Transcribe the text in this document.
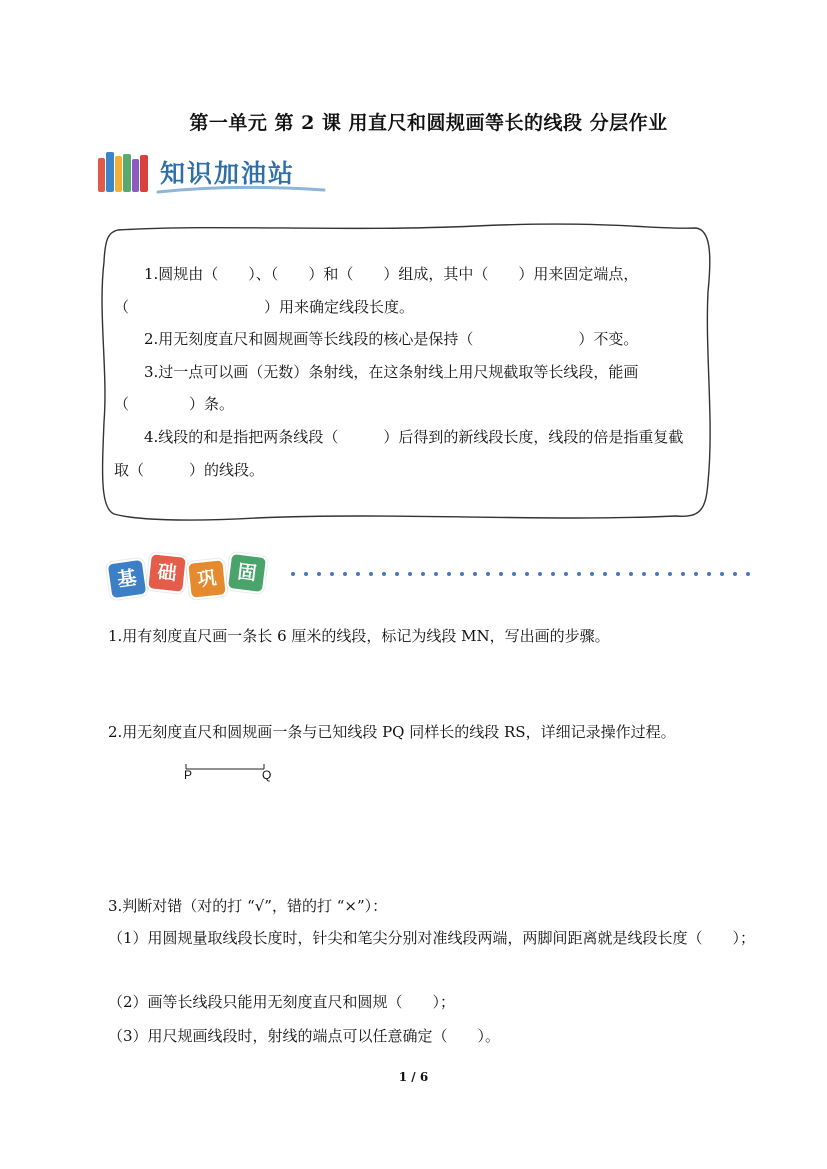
第一单元 第 2 课 用直尺和圆规画等长的线段 分层作业
知识加油站

1.圆规由（　　）、（　　）和（　　）组成，其中（　　）用来固定端点，（　　　　　　　　　）用来确定线段长度。

2.用无刻度直尺和圆规画等长线段的核心是保持（　　　　　　　）不变。

3.过一点可以画（无数）条射线，在这条射线上用尺规截取等长线段，能画（　　　　）条。

4.线段的和是指把两条线段（　　　）后得到的新线段长度，线段的倍是指重复截取（　　　）的线段。

基 础 巩 固
1.用有刻度直尺画一条长 6 厘米的线段，标记为线段 MN，写出画的步骤。
2.用无刻度直尺和圆规画一条与已知线段 PQ 同样长的线段 RS，详细记录操作过程。
P	Q
3.判断对错（对的打 “√”，错的打 “×”）：
（1）用圆规量取线段长度时，针尖和笔尖分别对准线段两端，两脚间距离就是线段长度（　　）；
（2）画等长线段只能用无刻度直尺和圆规（　　）；
（3）用尺规画线段时，射线的端点可以任意确定（　　）。
1 / 6
